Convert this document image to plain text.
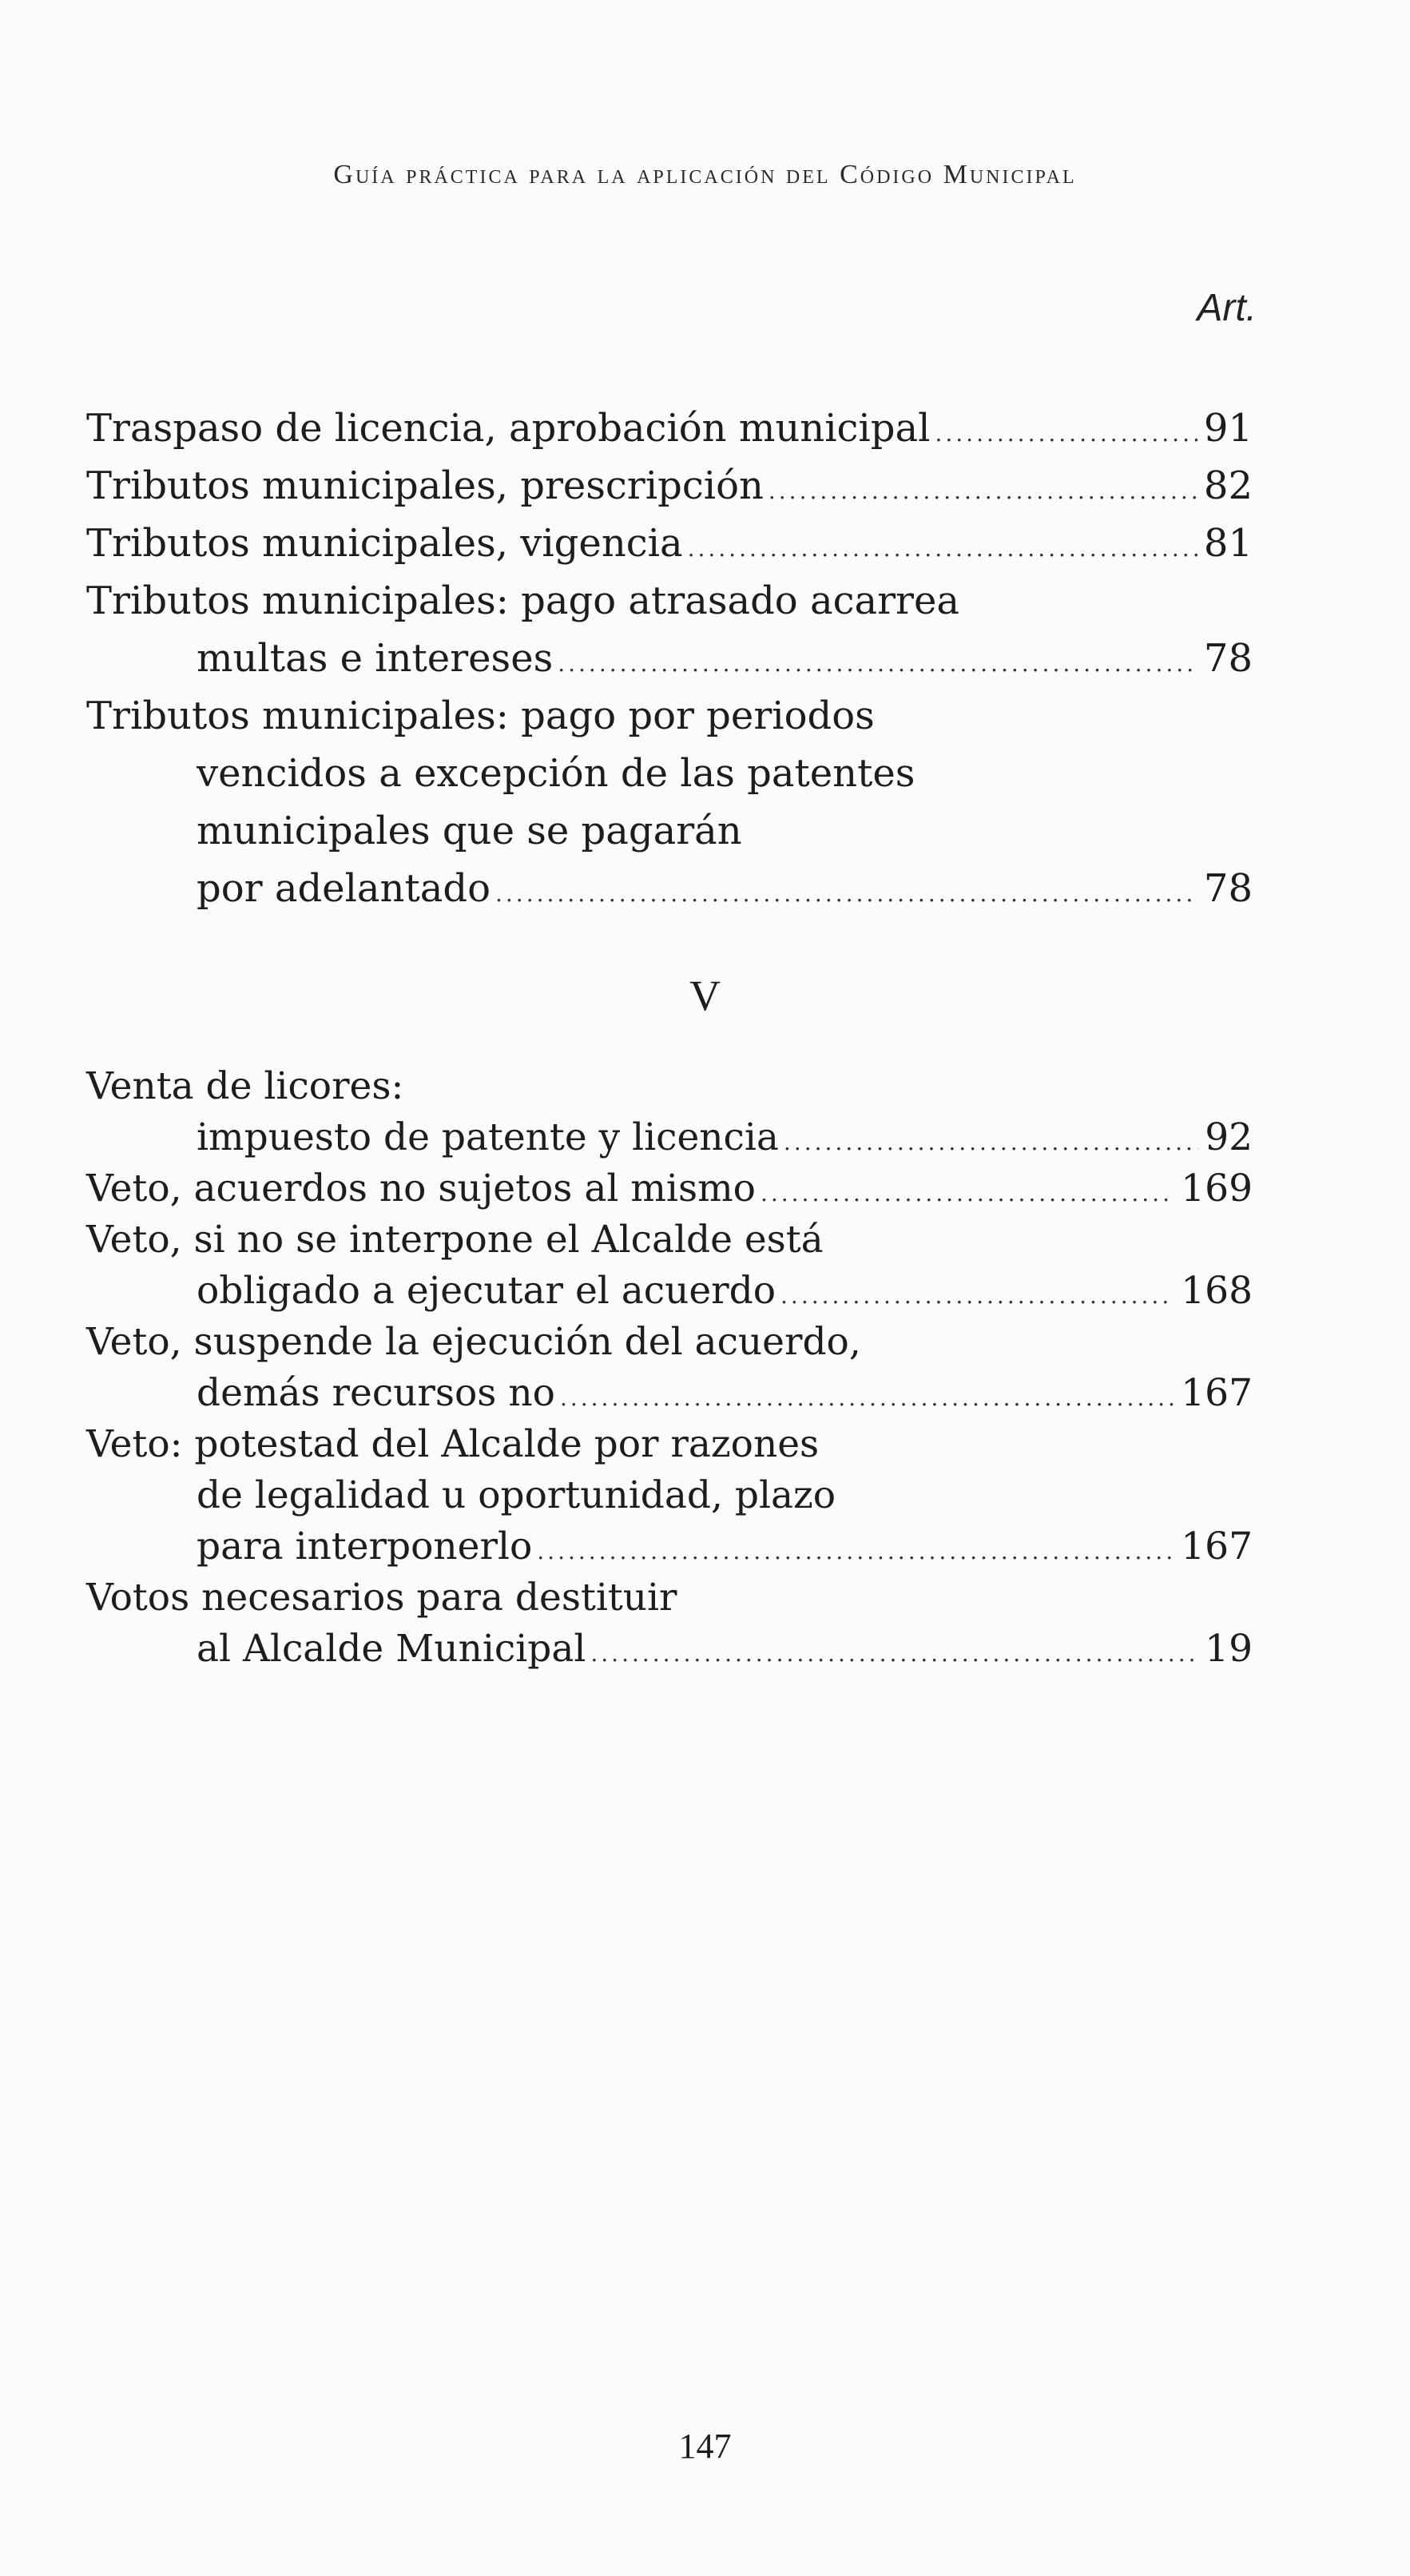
Guía práctica para la aplicación del Código Municipal
Art.
Traspaso de licencia, aprobación municipal .....	91
Tributos municipales, prescripción .....	82
Tributos municipales, vigencia .....	81
Tributos municipales: pago atrasado acarrea
multas e intereses .....	78
Tributos municipales: pago por periodos
vencidos a excepción de las patentes
municipales que se pagarán
por adelantado .....	78
V
Venta de licores:
impuesto de patente y licencia .....	92
Veto, acuerdos no sujetos al mismo .....	169
Veto, si no se interpone el Alcalde está
obligado a ejecutar el acuerdo .....	168
Veto, suspende la ejecución del acuerdo,
demás recursos no .....	167
Veto: potestad del Alcalde por razones
de legalidad u oportunidad, plazo
para interponerlo .....	167
Votos necesarios para destituir
al Alcalde Municipal .....	19
147
